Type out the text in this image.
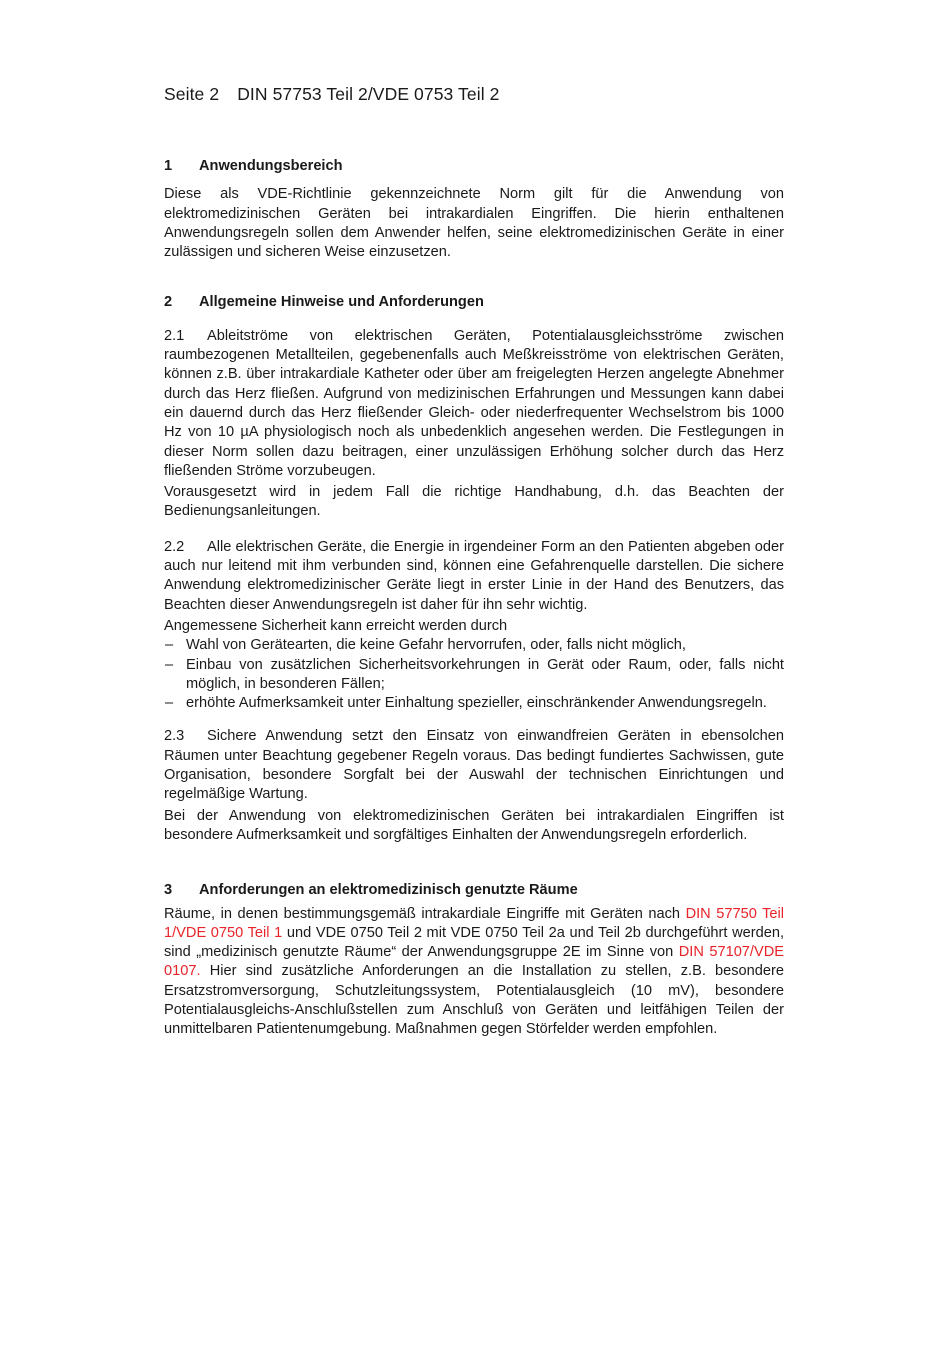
Seite 2 DIN 57753 Teil 2/VDE 0753 Teil 2
1 Anwendungsbereich

Diese als VDE-Richtlinie gekennzeichnete Norm gilt für die Anwendung von elektromedizinischen Geräten bei intrakardialen Eingriffen. Die hierin enthaltenen Anwendungsregeln sollen dem Anwender helfen, seine elektromedizinischen Geräte in einer zulässigen und sicheren Weise einzusetzen.

2 Allgemeine Hinweise und Anforderungen

2.1 Ableitströme von elektrischen Geräten, Potentialausgleichsströme zwischen raumbezogenen Metallteilen, gegebenenfalls auch Meßkreisströme von elektrischen Geräten, können z.B. über intrakardiale Katheter oder über am freigelegten Herzen angelegte Abnehmer durch das Herz fließen. Aufgrund von medizinischen Erfahrungen und Messungen kann dabei ein dauernd durch das Herz fließender Gleich- oder niederfrequenter Wechselstrom bis 1000 Hz von 10 µA physiologisch noch als unbedenklich angesehen werden. Die Festlegungen in dieser Norm sollen dazu beitragen, einer unzulässigen Erhöhung solcher durch das Herz fließenden Ströme vorzubeugen.

Vorausgesetzt wird in jedem Fall die richtige Handhabung, d.h. das Beachten der Bedienungsanleitungen.

2.2 Alle elektrischen Geräte, die Energie in irgendeiner Form an den Patienten abgeben oder auch nur leitend mit ihm verbunden sind, können eine Gefahrenquelle darstellen. Die sichere Anwendung elektromedizinischer Geräte liegt in erster Linie in der Hand des Benutzers, das Beachten dieser Anwendungsregeln ist daher für ihn sehr wichtig.

Angemessene Sicherheit kann erreicht werden durch

– Wahl von Gerätearten, die keine Gefahr hervorrufen, oder, falls nicht möglich,
– Einbau von zusätzlichen Sicherheitsvorkehrungen in Gerät oder Raum, oder, falls nicht möglich, in besonderen Fällen;
– erhöhte Aufmerksamkeit unter Einhaltung spezieller, einschränkender Anwendungsregeln.

2.3 Sichere Anwendung setzt den Einsatz von einwandfreien Geräten in ebensolchen Räumen unter Beachtung gegebener Regeln voraus. Das bedingt fundiertes Sachwissen, gute Organisation, besondere Sorgfalt bei der Auswahl der technischen Einrichtungen und regelmäßige Wartung.

Bei der Anwendung von elektromedizinischen Geräten bei intrakardialen Eingriffen ist besondere Aufmerksamkeit und sorgfältiges Einhalten der Anwendungsregeln erforderlich.

3 Anforderungen an elektromedizinisch genutzte Räume

Räume, in denen bestimmungsgemäß intrakardiale Eingriffe mit Geräten nach DIN 57750 Teil 1/VDE 0750 Teil 1 und VDE 0750 Teil 2 mit VDE 0750 Teil 2a und Teil 2b durchgeführt werden, sind „medizinisch genutzte Räume“ der Anwendungsgruppe 2E im Sinne von DIN 57107/VDE 0107. Hier sind zusätzliche Anforderungen an die Installation zu stellen, z.B. besondere Ersatzstromversorgung, Schutzleitungssystem, Potentialausgleich (10 mV), besondere Potentialausgleichs-Anschlußstellen zum Anschluß von Geräten und leitfähigen Teilen der unmittelbaren Patientenumgebung. Maßnahmen gegen Störfelder werden empfohlen.
